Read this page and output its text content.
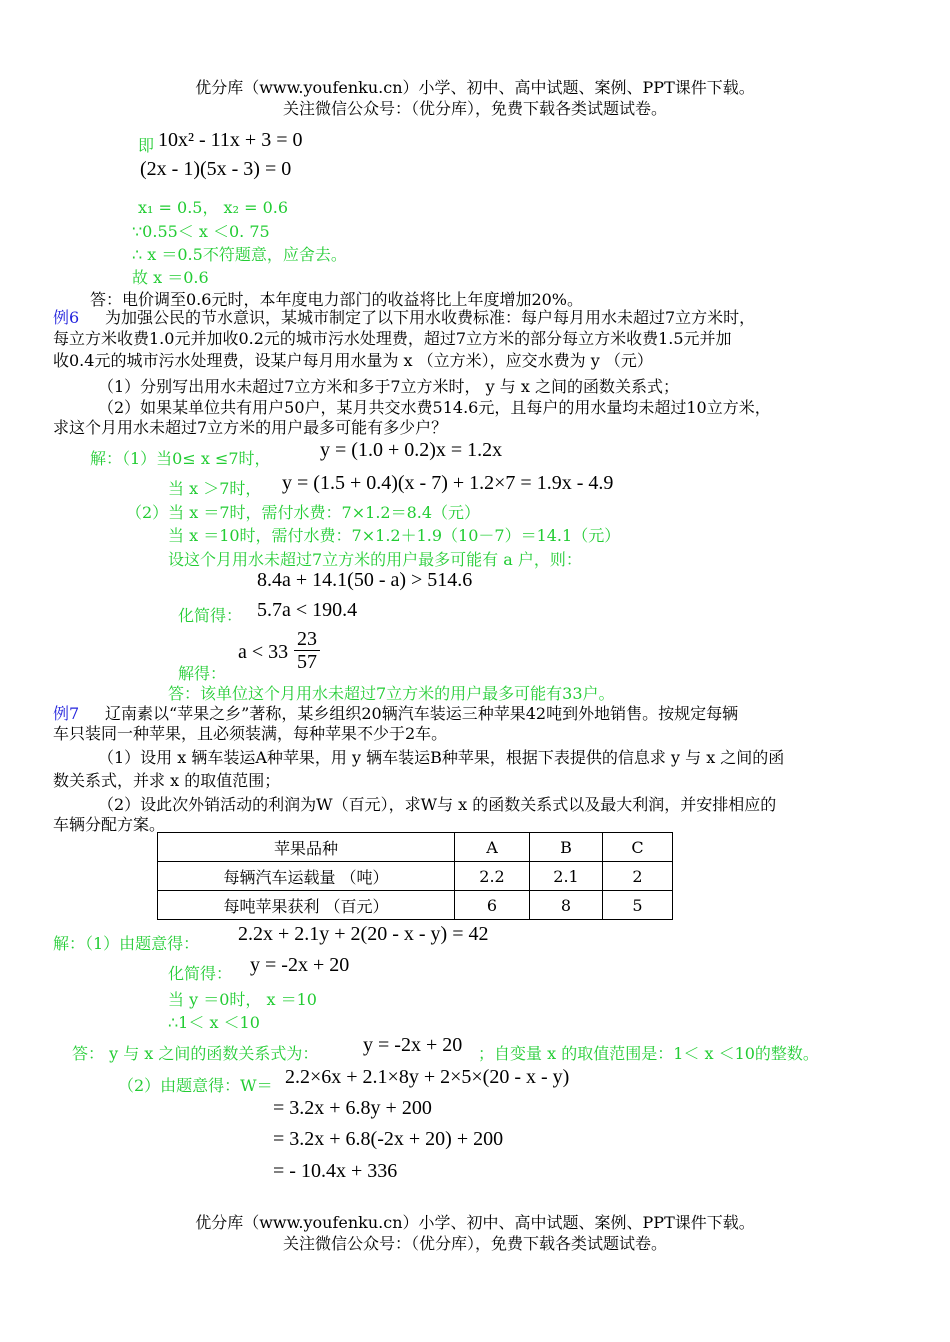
优分库（www.youfenku.cn）小学、初中、高中试题、案例、PPT课件下载。
关注微信公众号：（优分库），免费下载各类试题试卷。
即 10x² - 11x + 3 = 0
(2x - 1)(5x - 3) = 0
x₁ = 0.5， x₂ = 0.6
∵0.55＜ x ＜0. 75
∴ x ＝0.5不符题意，应舍去。
故 x ＝0.6
答：电价调至0.6元时，本年度电力部门的收益将比上年度增加20%。
例6 为加强公民的节水意识，某城市制定了以下用水收费标准：每户每月用水未超过7立方米时，
每立方米收费1.0元并加收0.2元的城市污水处理费，超过7立方米的部分每立方米收费1.5元并加
收0.4元的城市污水处理费，设某户每月用水量为 x （立方米），应交水费为 y （元）
（1）分别写出用水未超过7立方米和多于7立方米时， y 与 x 之间的函数关系式；
（2）如果某单位共有用户50户，某月共交水费514.6元，且每户的用水量均未超过10立方米，
求这个月用水未超过7立方米的用户最多可能有多少户？
解：（1）当0≤ x ≤7时， y = (1.0 + 0.2)x = 1.2x
当 x ＞7时， y = (1.5 + 0.4)(x - 7) + 1.2×7 = 1.9x - 4.9
（2）当 x ＝7时，需付水费：7×1.2＝8.4（元）
当 x ＝10时，需付水费：7×1.2＋1.9（10－7）＝14.1（元）
设这个月用水未超过7立方米的用户最多可能有 a 户，则：
8.4a + 14.1(50 - a) > 514.6
化简得： 5.7a < 190.4
$a < 33 \frac{23}{57}$
解得：
答：该单位这个月用水未超过7立方米的用户最多可能有33户。
例7 辽南素以“苹果之乡”著称，某乡组织20辆汽车装运三种苹果42吨到外地销售。按规定每辆
车只装同一种苹果，且必须装满，每种苹果不少于2车。
（1）设用 x 辆车装运A种苹果，用 y 辆车装运B种苹果，根据下表提供的信息求 y 与 x 之间的函
数关系式，并求 x 的取值范围；
（2）设此次外销活动的利润为W（百元），求W与 x 的函数关系式以及最大利润，并安排相应的
车辆分配方案。
苹果品种	A	B	C
每辆汽车运载量 （吨）	2.2	2.1	2
每吨苹果获利 （百元）	6	8	5
解：（1）由题意得： 2.2x + 2.1y + 2(20 - x - y) = 42
化简得： y = -2x + 20
当 y ＝0时， x ＝10
∴1＜ x ＜10
答： y 与 x 之间的函数关系式为： y = -2x + 20 ；自变量 x 的取值范围是：1＜ x ＜10的整数。
（2）由题意得：W＝ 2.2×6x + 2.1×8y + 2×5×(20 - x - y)
= 3.2x + 6.8y + 200
= 3.2x + 6.8(-2x + 20) + 200
= - 10.4x + 336
优分库（www.youfenku.cn）小学、初中、高中试题、案例、PPT课件下载。
关注微信公众号：（优分库），免费下载各类试题试卷。
